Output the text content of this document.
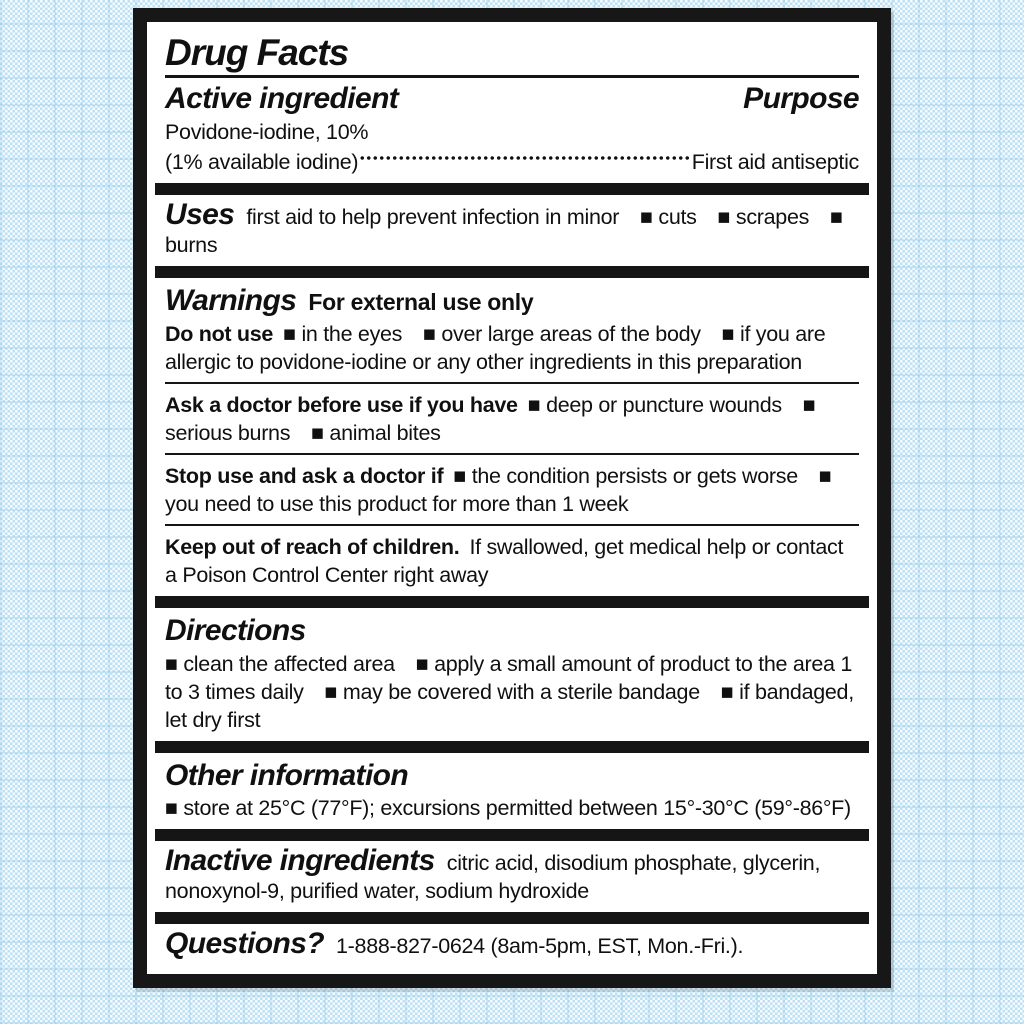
Drug Facts
Active ingredient	Purpose

Povidone-iodine, 10%

(1% available iodine)	First aid antiseptic

Uses first aid to help prevent infection in minor  ■ cuts  ■ scrapes  ■ burns

Warnings For external use only

Do not use ■ in the eyes  ■ over large areas of the body  ■ if you are allergic to povidone-iodine or any other ingredients in this preparation

Ask a doctor before use if you have ■ deep or puncture wounds  ■ serious burns  ■ animal bites

Stop use and ask a doctor if ■ the condition persists or gets worse  ■ you need to use this product for more than 1 week

Keep out of reach of children. If swallowed, get medical help or contact a Poison Control Center right away

Directions

■ clean the affected area  ■ apply a small amount of product to the area 1 to 3 times daily  ■ may be covered with a sterile bandage  ■ if bandaged, let dry first

Other information

■ store at 25°C (77°F); excursions permitted between 15°-30°C (59°-86°F)

Inactive ingredients citric acid, disodium phosphate, glycerin, nonoxynol-9, purified water, sodium hydroxide

Questions? 1-888-827-0624 (8am-5pm, EST, Mon.-Fri.).
